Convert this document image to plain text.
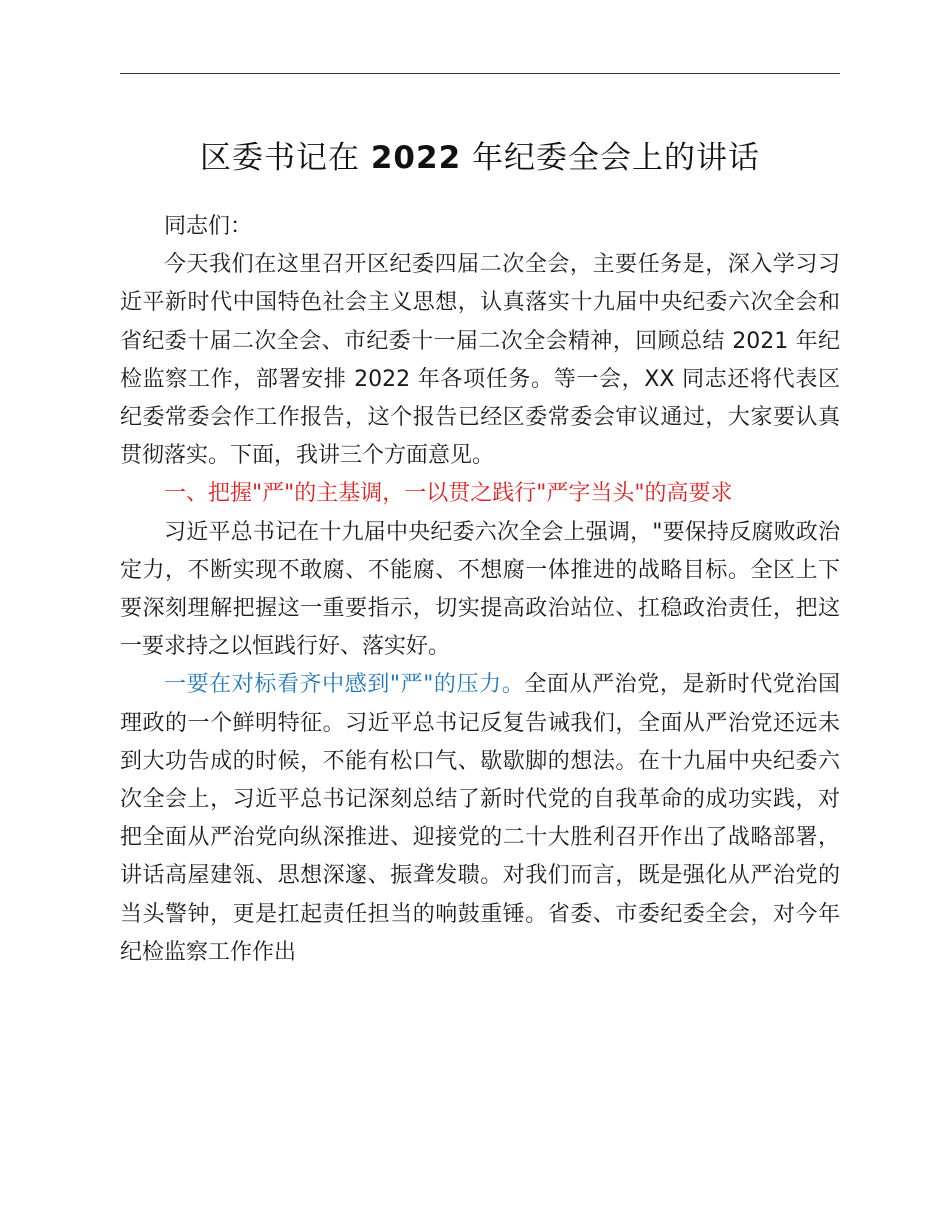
区委书记在 2022 年纪委全会上的讲话

同志们：

今天我们在这里召开区纪委四届二次全会，主要任务是，深入学习习近平新时代中国特色社会主义思想，认真落实十九届中央纪委六次全会和省纪委十届二次全会、市纪委十一届二次全会精神，回顾总结 2021 年纪检监察工作，部署安排 2022 年各项任务。等一会，XX 同志还将代表区纪委常委会作工作报告，这个报告已经区委常委会审议通过，大家要认真贯彻落实。下面，我讲三个方面意见。

一、把握"严"的主基调，一以贯之践行"严字当头"的高要求

习近平总书记在十九届中央纪委六次全会上强调，"要保持反腐败政治定力，不断实现不敢腐、不能腐、不想腐一体推进的战略目标。全区上下要深刻理解把握这一重要指示，切实提高政治站位、扛稳政治责任，把这一要求持之以恒践行好、落实好。

一要在对标看齐中感到"严"的压力。全面从严治党，是新时代党治国理政的一个鲜明特征。习近平总书记反复告诫我们，全面从严治党还远未到大功告成的时候，不能有松口气、歇歇脚的想法。在十九届中央纪委六次全会上，习近平总书记深刻总结了新时代党的自我革命的成功实践，对把全面从严治党向纵深推进、迎接党的二十大胜利召开作出了战略部署，讲话高屋建瓴、思想深邃、振聋发聩。对我们而言，既是强化从严治党的当头警钟，更是扛起责任担当的响鼓重锤。省委、市委纪委全会，对今年纪检监察工作作出
